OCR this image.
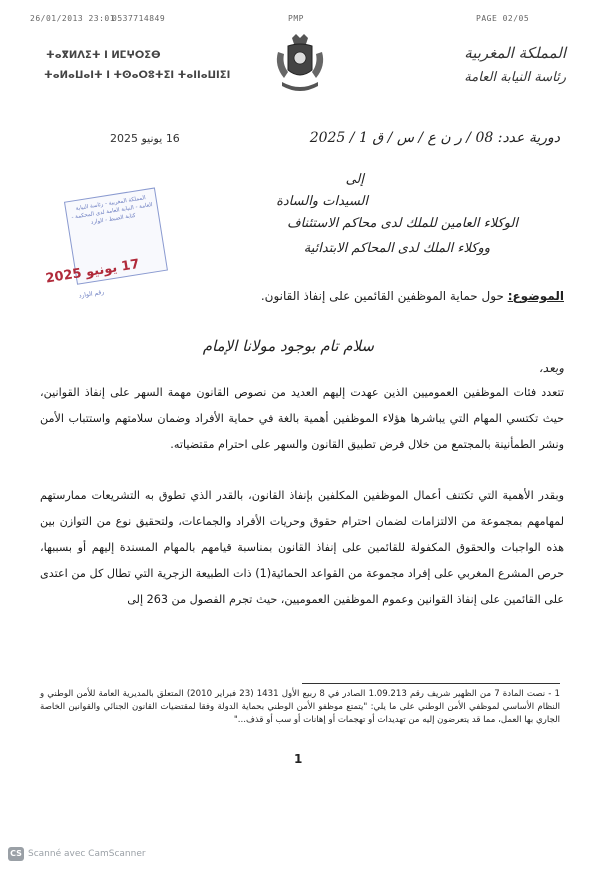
26/01/2013 23:01
0537714849	PMP	PAGE 02/05
ⵜⴰⴳⵍⴷⵉⵜ ⵏ ⵍⵎⵖⵔⵉⴱ
ⵜⴰⵍⴰⵡⴰⵏⵜ ⵏ ⵜⵙⴰⵔⵓⵜⵉⵏ ⵜⴰⵏⵏⴰⵡⵏⵉⵏ
المملكة المغربية
رئاسة النيابة العامة
16 يونيو 2025	دورية عدد: 08 / ر ن ع / س / ق 1 / 2025
إلى
السيدات والسادة
الوكلاء العامين للملك لدى محاكم الاستئناف
ووكلاء الملك لدى المحاكم الابتدائية
المملكة المغربية - رئاسة النيابة العامة - النيابة العامة لدى المحكمة - كتابة الضبط - الوارد
17 يونيو 2025
رقم الوارد	الموضوع: حول حماية الموظفين القائمين على إنفاذ القانون.
سلام تام بوجود مولانا الإمام
وبعد،
تتعدد فئات الموظفين العموميين الذين عهدت إليهم العديد من نصوص القانون مهمة السهر على إنفاذ القوانين، حيث تكتسي المهام التي يباشرها هؤلاء الموظفين أهمية بالغة في حماية الأفراد وضمان سلامتهم واستتباب الأمن ونشر الطمأنينة بالمجتمع من خلال فرض تطبيق القانون والسهر على احترام مقتضياته.
وبقدر الأهمية التي تكتنف أعمال الموظفين المكلفين بإنفاذ القانون، بالقدر الذي تطوق به التشريعات ممارستهم لمهامهم بمجموعة من الالتزامات لضمان احترام حقوق وحريات الأفراد والجماعات، ولتحقيق نوع من التوازن بين هذه الواجبات والحقوق المكفولة للقائمين على إنفاذ القانون بمناسبة قيامهم بالمهام المسندة إليهم أو بسببها، حرص المشرع المغربي على إفراد مجموعة من القواعد الحمائية(1) ذات الطبيعة الزجرية التي تطال كل من اعتدى على القائمين على إنفاذ القوانين وعموم الموظفين العموميين، حيث تجرم الفصول من 263 إلى
1 - نصت المادة 7 من الظهير شريف رقم 1.09.213 الصادر في 8 ربيع الأول 1431 (23 فبراير 2010) المتعلق بالمديرية العامة للأمن الوطني و النظام الأساسي لموظفي الأمن الوطني على ما يلي: "يتمتع موظفو الأمن الوطني بحماية الدولة وفقا لمقتضيات القانون الجنائي والقوانين الخاصة الجاري بها العمل، مما قد يتعرضون إليه من تهديدات أو تهجمات أو إهانات أو سب أو قذف..."
1
CS Scanné avec CamScanner
